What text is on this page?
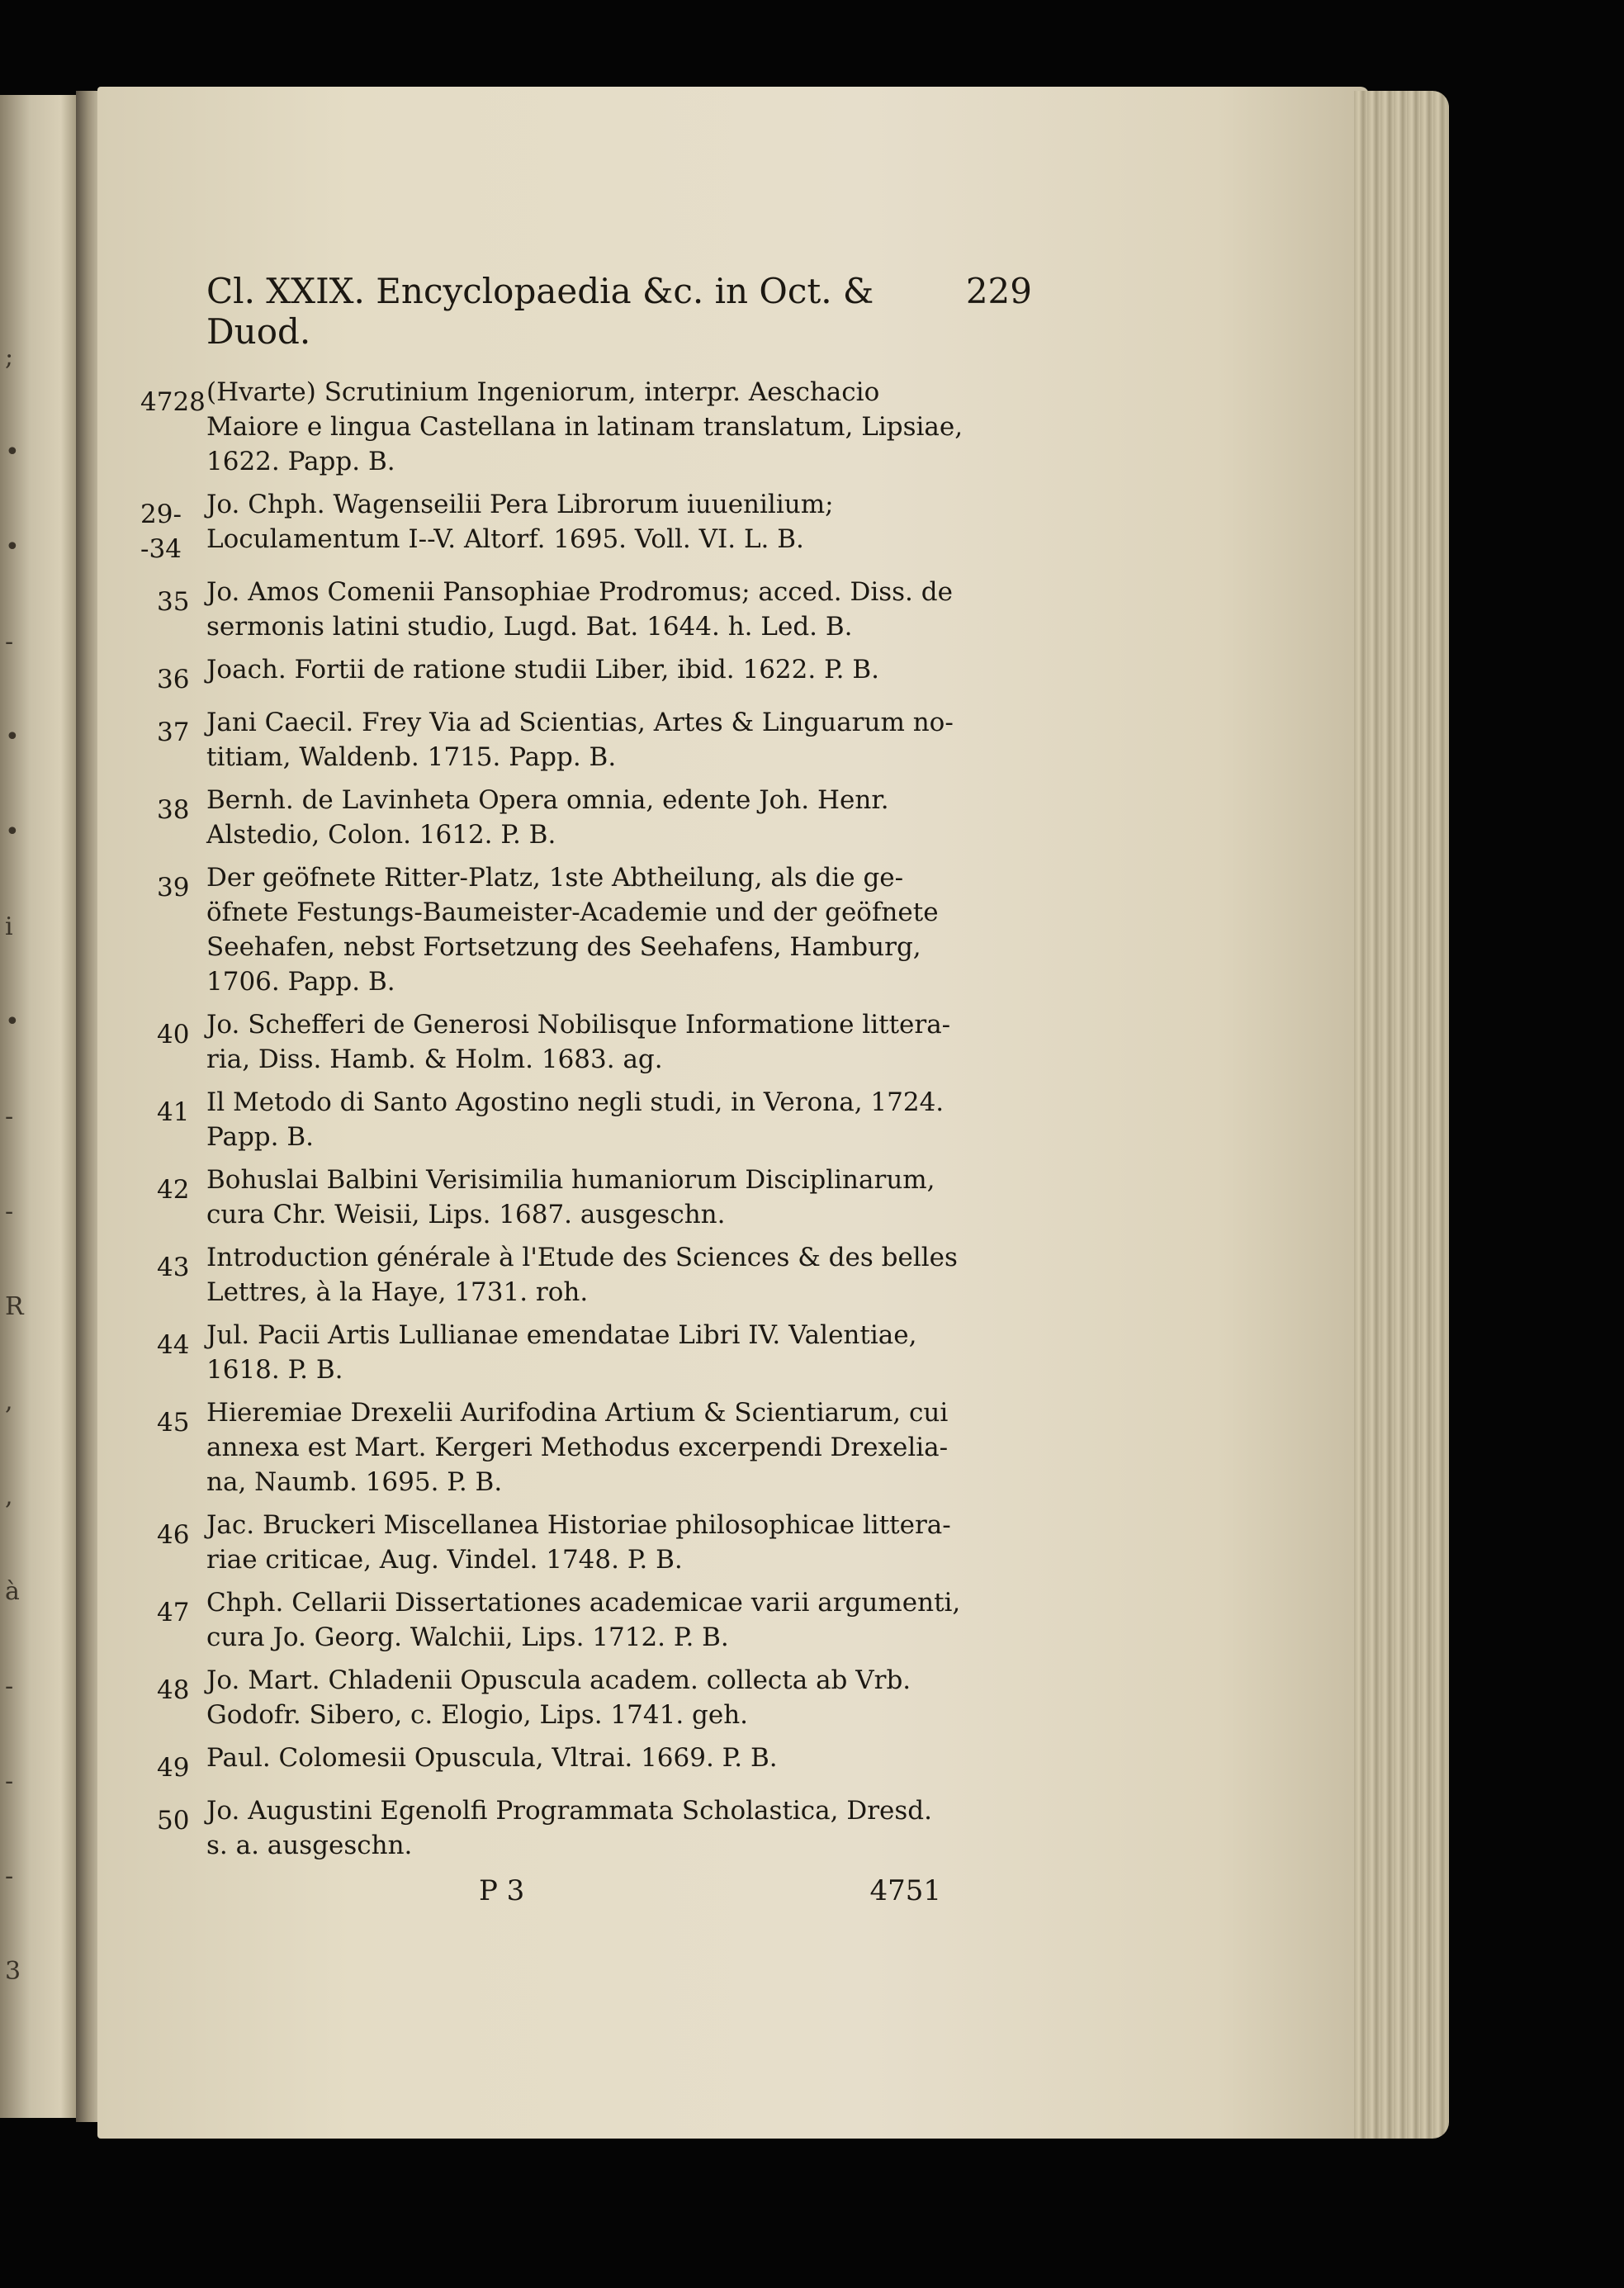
;
•
•
-
•
•
i
•
-
-
R
,
,
à
-
-
-
3
Cl. XXIX. Encyclopaedia &c. in Oct. & Duod.
229
4728 (Hvarte) Scrutinium Ingeniorum, interpr. Aeschacio
Maiore e lingua Castellana in latinam translatum, Lipsiae,
1622. Papp. B.
29--34
Jo. Chph. Wagenseilii Pera Librorum iuuenilium;
Loculamentum I--V. Altorf. 1695. Voll. VI. L. B.
35 Jo. Amos Comenii Pansophiae Prodromus; acced. Diss. de
sermonis latini studio, Lugd. Bat. 1644. h. Led. B.
36 Joach. Fortii de ratione studii Liber, ibid. 1622. P. B.
37 Jani Caecil. Frey Via ad Scientias, Artes & Linguarum no-
titiam, Waldenb. 1715. Papp. B.
38 Bernh. de Lavinheta Opera omnia, edente Joh. Henr.
Alstedio, Colon. 1612. P. B.
39 Der geöfnete Ritter-Platz, 1ste Abtheilung, als die ge-
öfnete Festungs-Baumeister-Academie und der geöfnete
Seehafen, nebst Fortsetzung des Seehafens, Hamburg,
1706. Papp. B.
40 Jo. Schefferi de Generosi Nobilisque Informatione littera-
ria, Diss. Hamb. & Holm. 1683. ag.
41 Il Metodo di Santo Agostino negli studi, in Verona, 1724.
Papp. B.
42 Bohuslai Balbini Verisimilia humaniorum Disciplinarum,
cura Chr. Weisii, Lips. 1687. ausgeschn.
43 Introduction générale à l'Etude des Sciences & des belles
Lettres, à la Haye, 1731. roh.
44 Jul. Pacii Artis Lullianae emendatae Libri IV. Valentiae,
1618. P. B.
45 Hieremiae Drexelii Aurifodina Artium & Scientiarum, cui
annexa est Mart. Kergeri Methodus excerpendi Drexelia-
na, Naumb. 1695. P. B.
46 Jac. Bruckeri Miscellanea Historiae philosophicae littera-
riae criticae, Aug. Vindel. 1748. P. B.
47 Chph. Cellarii Dissertationes academicae varii argumenti,
cura Jo. Georg. Walchii, Lips. 1712. P. B.
48 Jo. Mart. Chladenii Opuscula academ. collecta ab Vrb.
Godofr. Sibero, c. Elogio, Lips. 1741. geh.
49 Paul. Colomesii Opuscula, Vltrai. 1669. P. B.
50 Jo. Augustini Egenolfi Programmata Scholastica, Dresd.
s. a. ausgeschn.
P 3	4751
